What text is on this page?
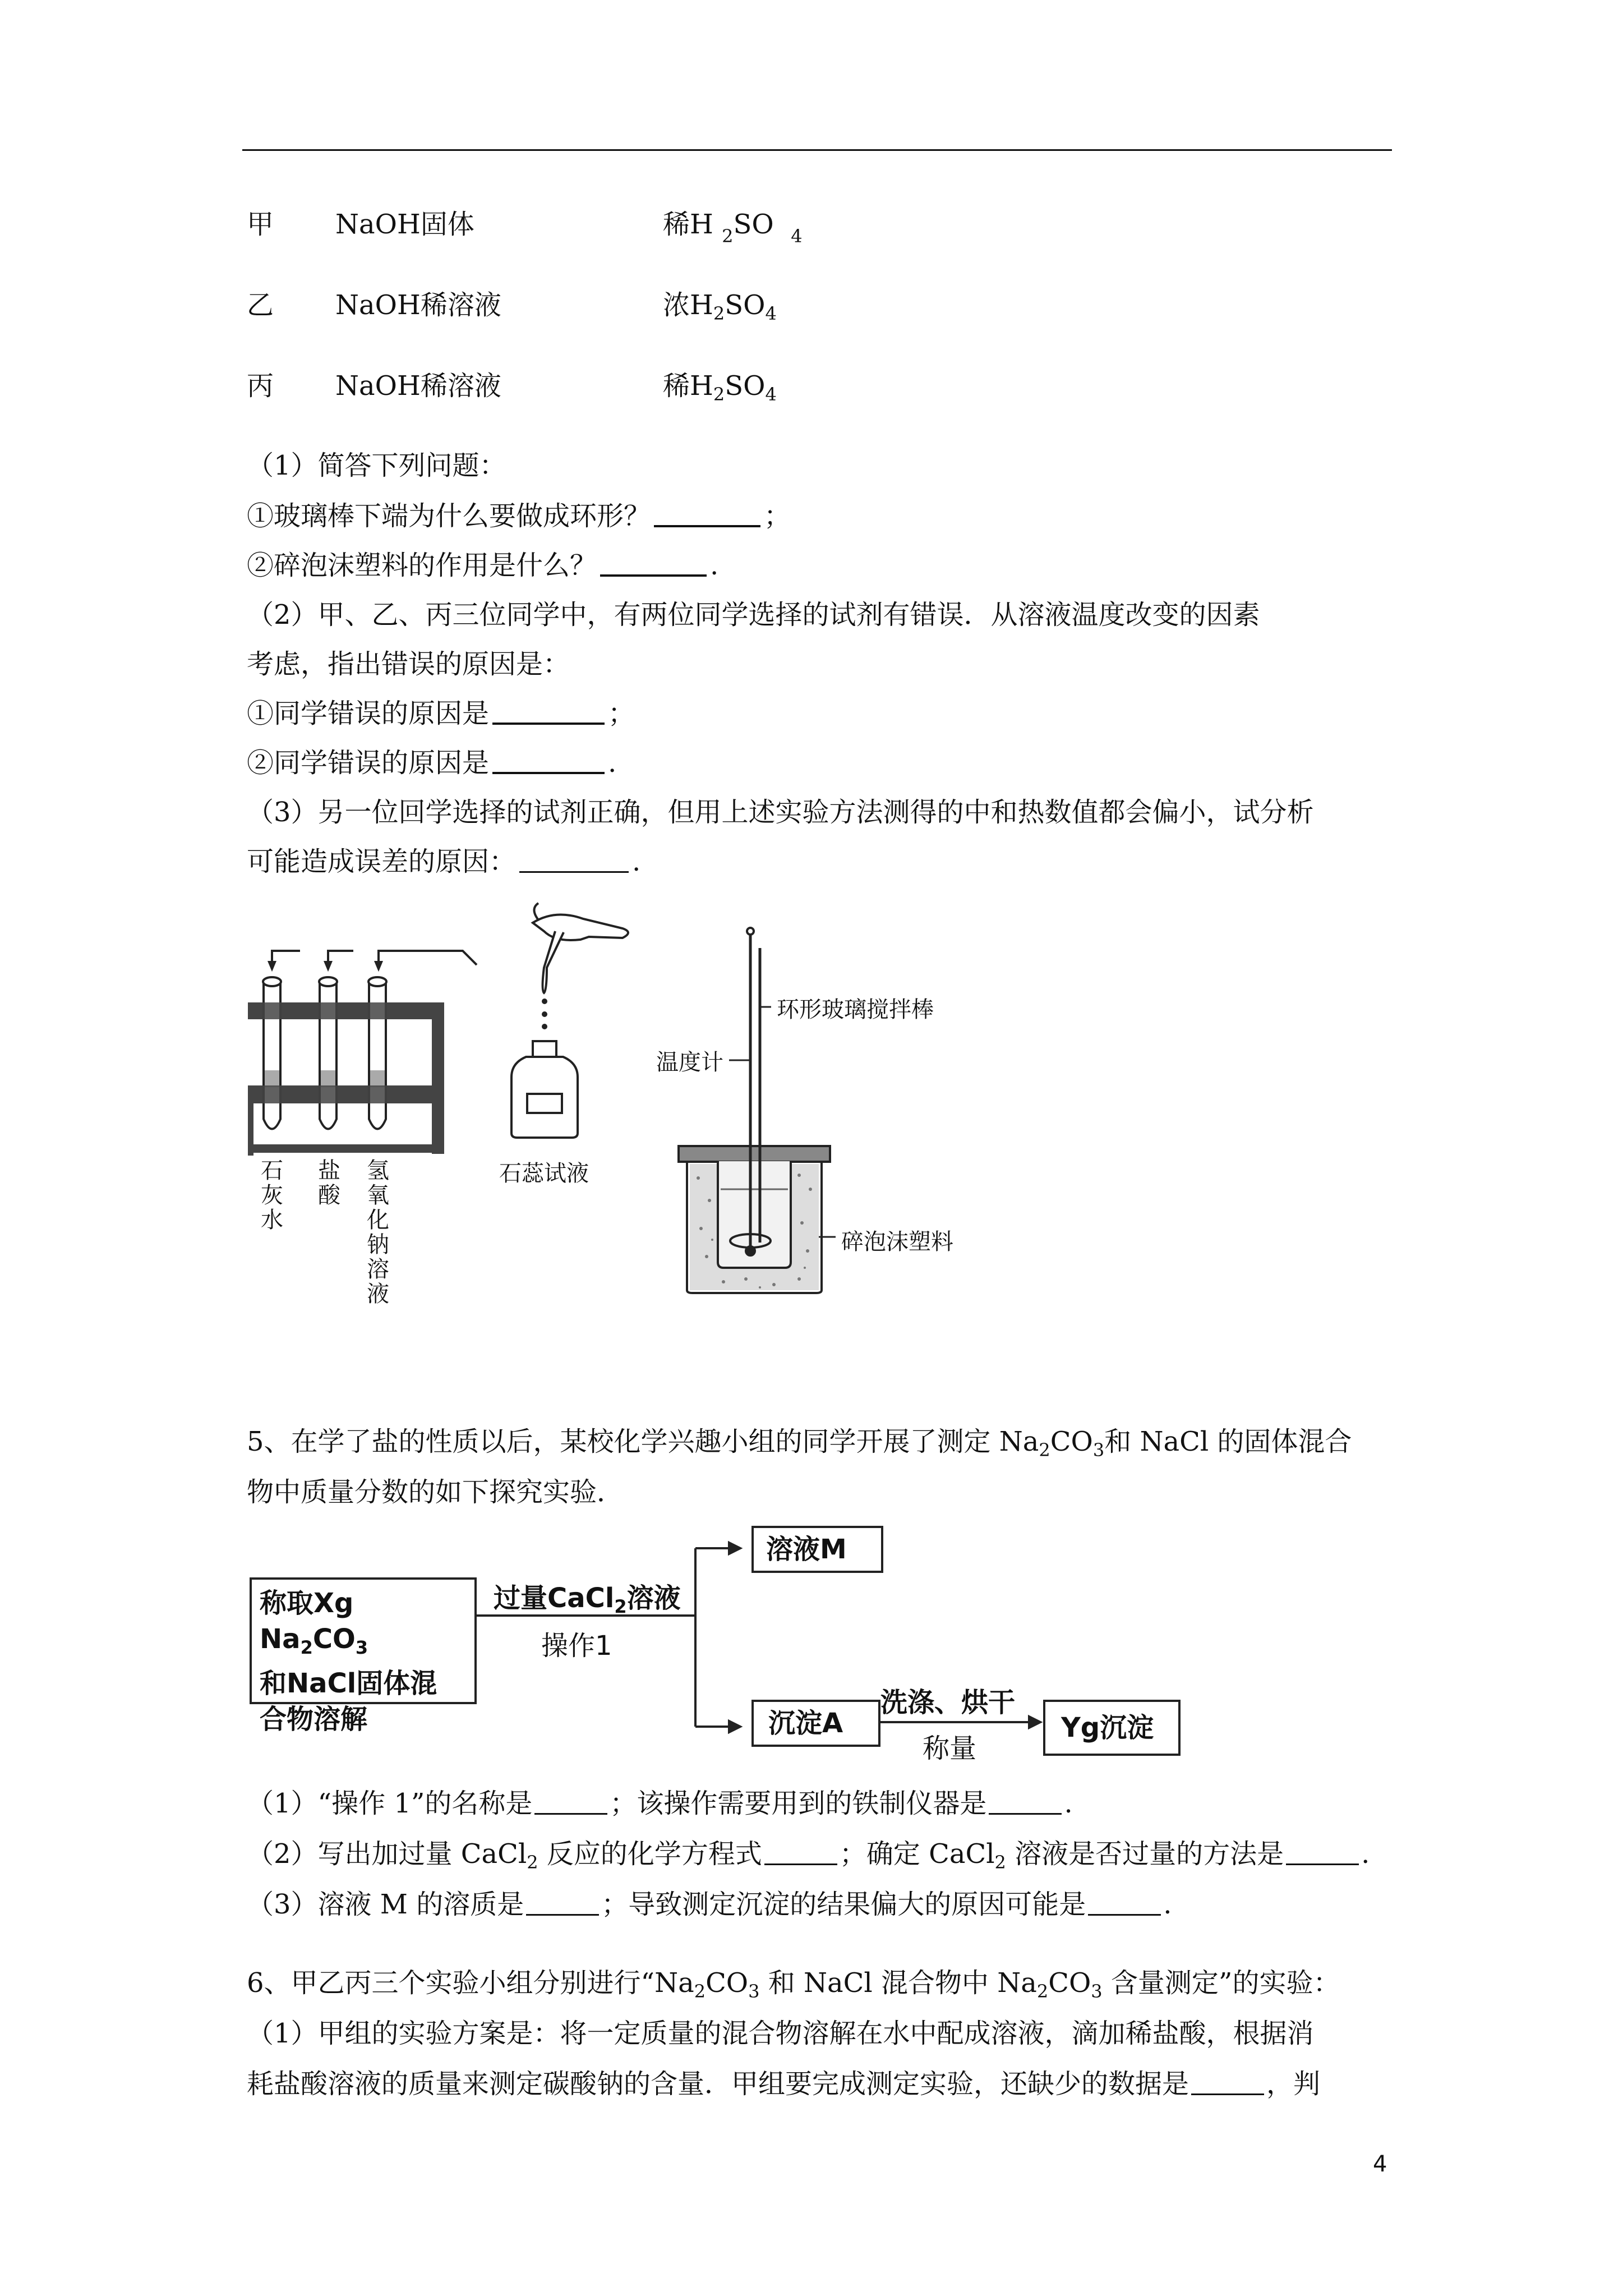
甲 NaOH固体	稀H $_2$SO $_4$
乙 NaOH稀溶液	浓$H_2SO_4$
丙 NaOH稀溶液	稀$H_2SO_4$
（1）简答下列问题：
①玻璃棒下端为什么要做成环形？	；
②碎泡沫塑料的作用是什么？	.
（2）甲、乙、丙三位同学中，有两位同学选择的试剂有错误．从溶液温度改变的因素
考虑，指出错误的原因是：
①同学错误的原因是	；
②同学错误的原因是	.
（3）另一位回学选择的试剂正确，但用上述实验方法测得的中和热数值都会偏小，试分析
可能造成误差的原因：	.
石灰水
盐酸
氢氧化钠溶液
石蕊试液
环形玻璃搅拌棒
温度计
碎泡沫塑料
5、在学了盐的性质以后，某校化学兴趣小组的同学开展了测定 $Na_2CO_3$和 NaCl 的固体混合
物中质量分数的如下探究实验．
称取Xg $Na_2CO_3$
和NaCl固体混
合物溶解
过量CaCl$_2$溶液
操作1
溶液M
沉淀A
洗涤、烘干
称量
Yg沉淀
（1）“操作 1”的名称是	；该操作需要用到的铁制仪器是	.
（2）写出加过量 CaCl$_2$ 反应的化学方程式	；确定 CaCl$_2$ 溶液是否过量的方法是	.
（3）溶液 M 的溶质是	；导致测定沉淀的结果偏大的原因可能是	.
6、甲乙丙三个实验小组分别进行“$Na_2CO_3$ 和 NaCl 混合物中 $Na_2CO_3$ 含量测定”的实验：
（1）甲组的实验方案是：将一定质量的混合物溶解在水中配成溶液，滴加稀盐酸，根据消
耗盐酸溶液的质量来测定碳酸钠的含量．甲组要完成测定实验，还缺少的数据是	，判
4
